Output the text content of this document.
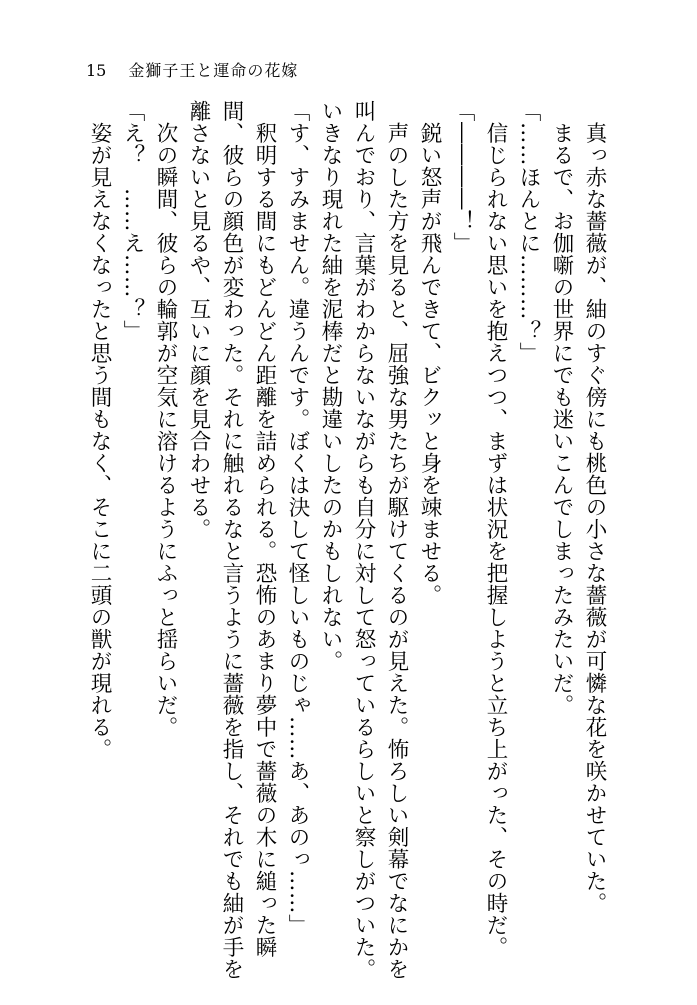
15 金獅子王と運命の花嫁

真っ赤な薔薇が、紬のすぐ傍にも桃色の小さな薔薇が可憐な花を咲かせていた。

まるで、お伽噺の世界にでも迷いこんでしまったみたいだ。

「……ほんとに………？」

信じられない思いを抱えつつ、まずは状況を把握しようと立ち上がった、その時だ。

「――――！」

鋭い怒声が飛んできて、ビクッと身を竦ませる。

声のした方を見ると、屈強な男たちが駆けてくるのが見えた。怖ろしい剣幕でなにかを叫んでおり、言葉がわからないながらも自分に対して怒っているらしいと察しがついた。いきなり現れた紬を泥棒だと勘違いしたのかもしれない。

「す、すみません。違うんです。ぼくは決して怪しいものじゃ……あ、あのっ……」

釈明する間にもどんどん距離を詰められる。恐怖のあまり夢中で薔薇の木に縋った瞬間、彼らの顔色が変わった。それに触れるなと言うように薔薇を指し、それでも紬が手を離さないと見るや、互いに顔を見合わせる。

次の瞬間、彼らの輪郭が空気に溶けるようにふっと揺らいだ。

「え？　……え……？」

姿が見えなくなったと思う間もなく、そこに二頭の獣が現れる。
